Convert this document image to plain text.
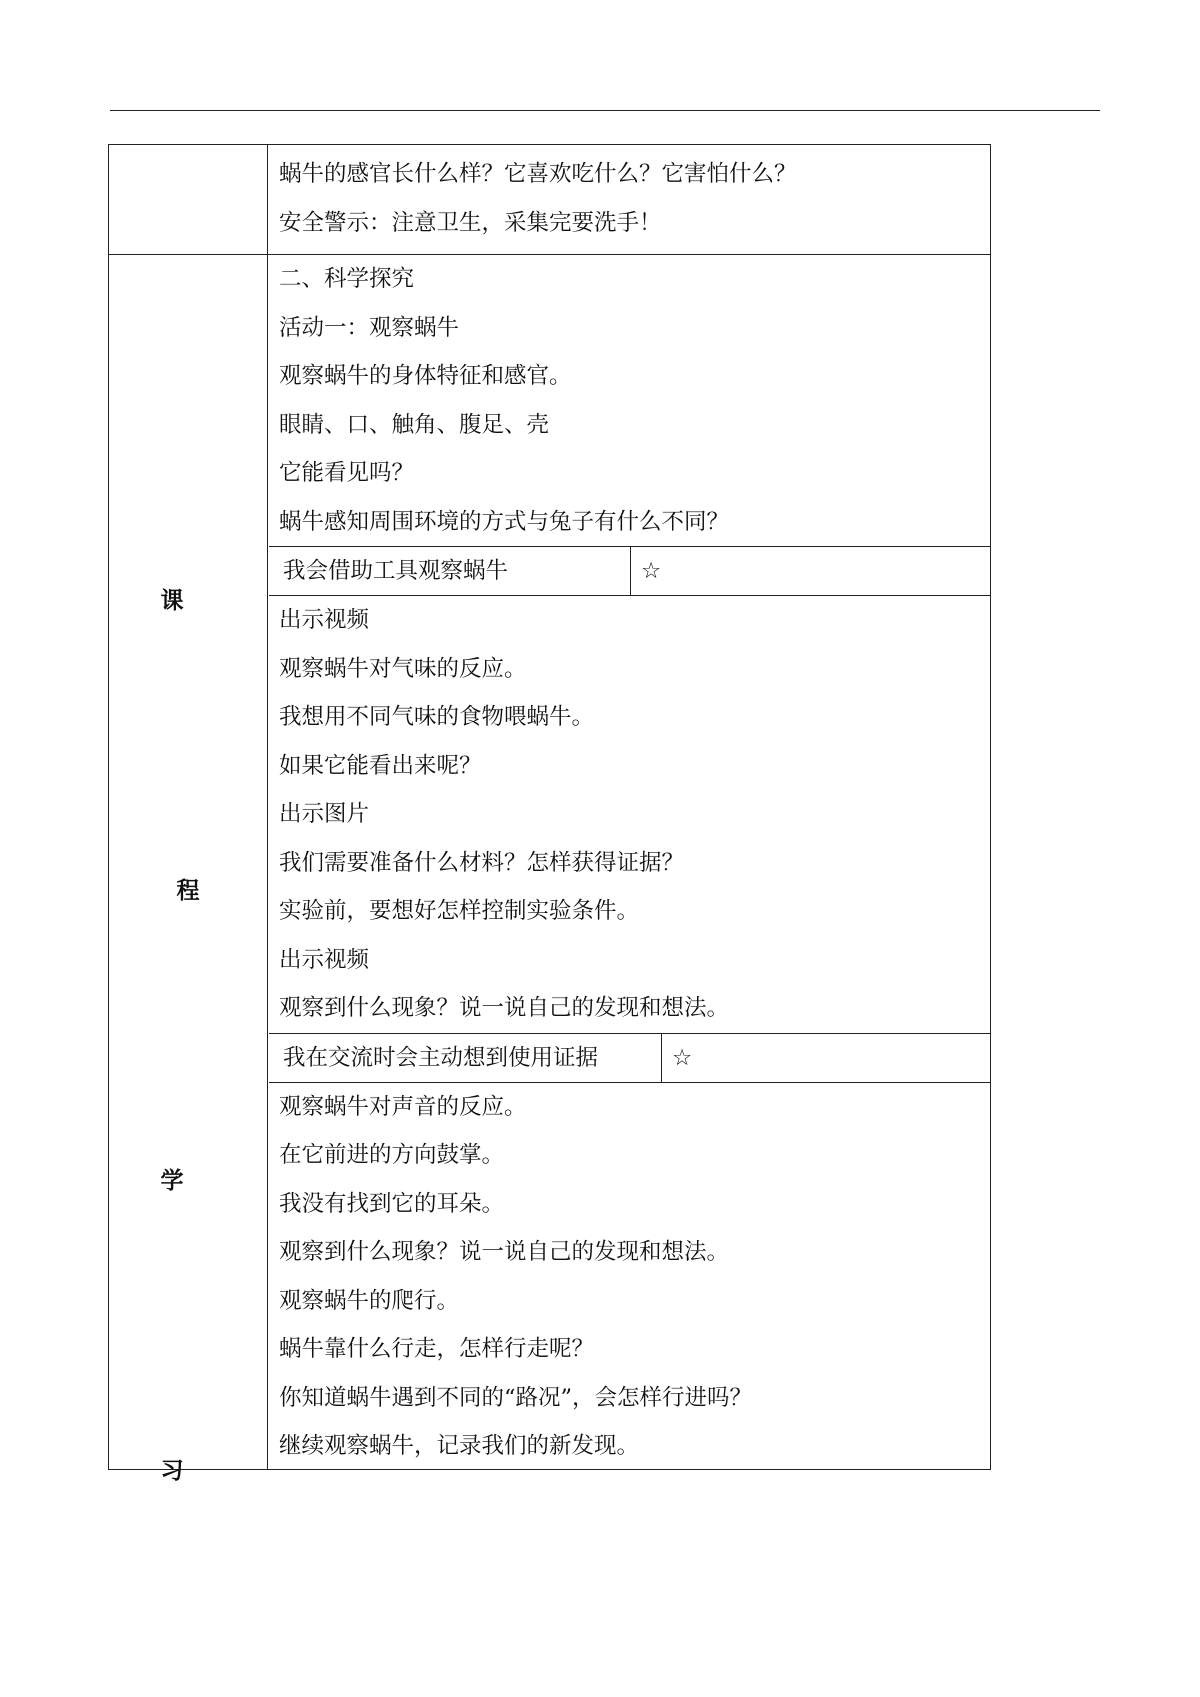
蜗牛的感官长什么样？它喜欢吃什么？它害怕什么？
安全警示：注意卫生，采集完要洗手！
课
程
学
习
二、科学探究
活动一：观察蜗牛
观察蜗牛的身体特征和感官。
眼睛、口、触角、腹足、壳
它能看见吗？
蜗牛感知周围环境的方式与兔子有什么不同？
我会借助工具观察蜗牛	☆
出示视频
观察蜗牛对气味的反应。
我想用不同气味的食物喂蜗牛。
如果它能看出来呢？
出示图片
我们需要准备什么材料？怎样获得证据？
实验前，要想好怎样控制实验条件。
出示视频
观察到什么现象？说一说自己的发现和想法。
我在交流时会主动想到使用证据	☆
观察蜗牛对声音的反应。
在它前进的方向鼓掌。
我没有找到它的耳朵。
观察到什么现象？说一说自己的发现和想法。
观察蜗牛的爬行。
蜗牛靠什么行走，怎样行走呢？
你知道蜗牛遇到不同的“路况”，会怎样行进吗？
继续观察蜗牛，记录我们的新发现。
